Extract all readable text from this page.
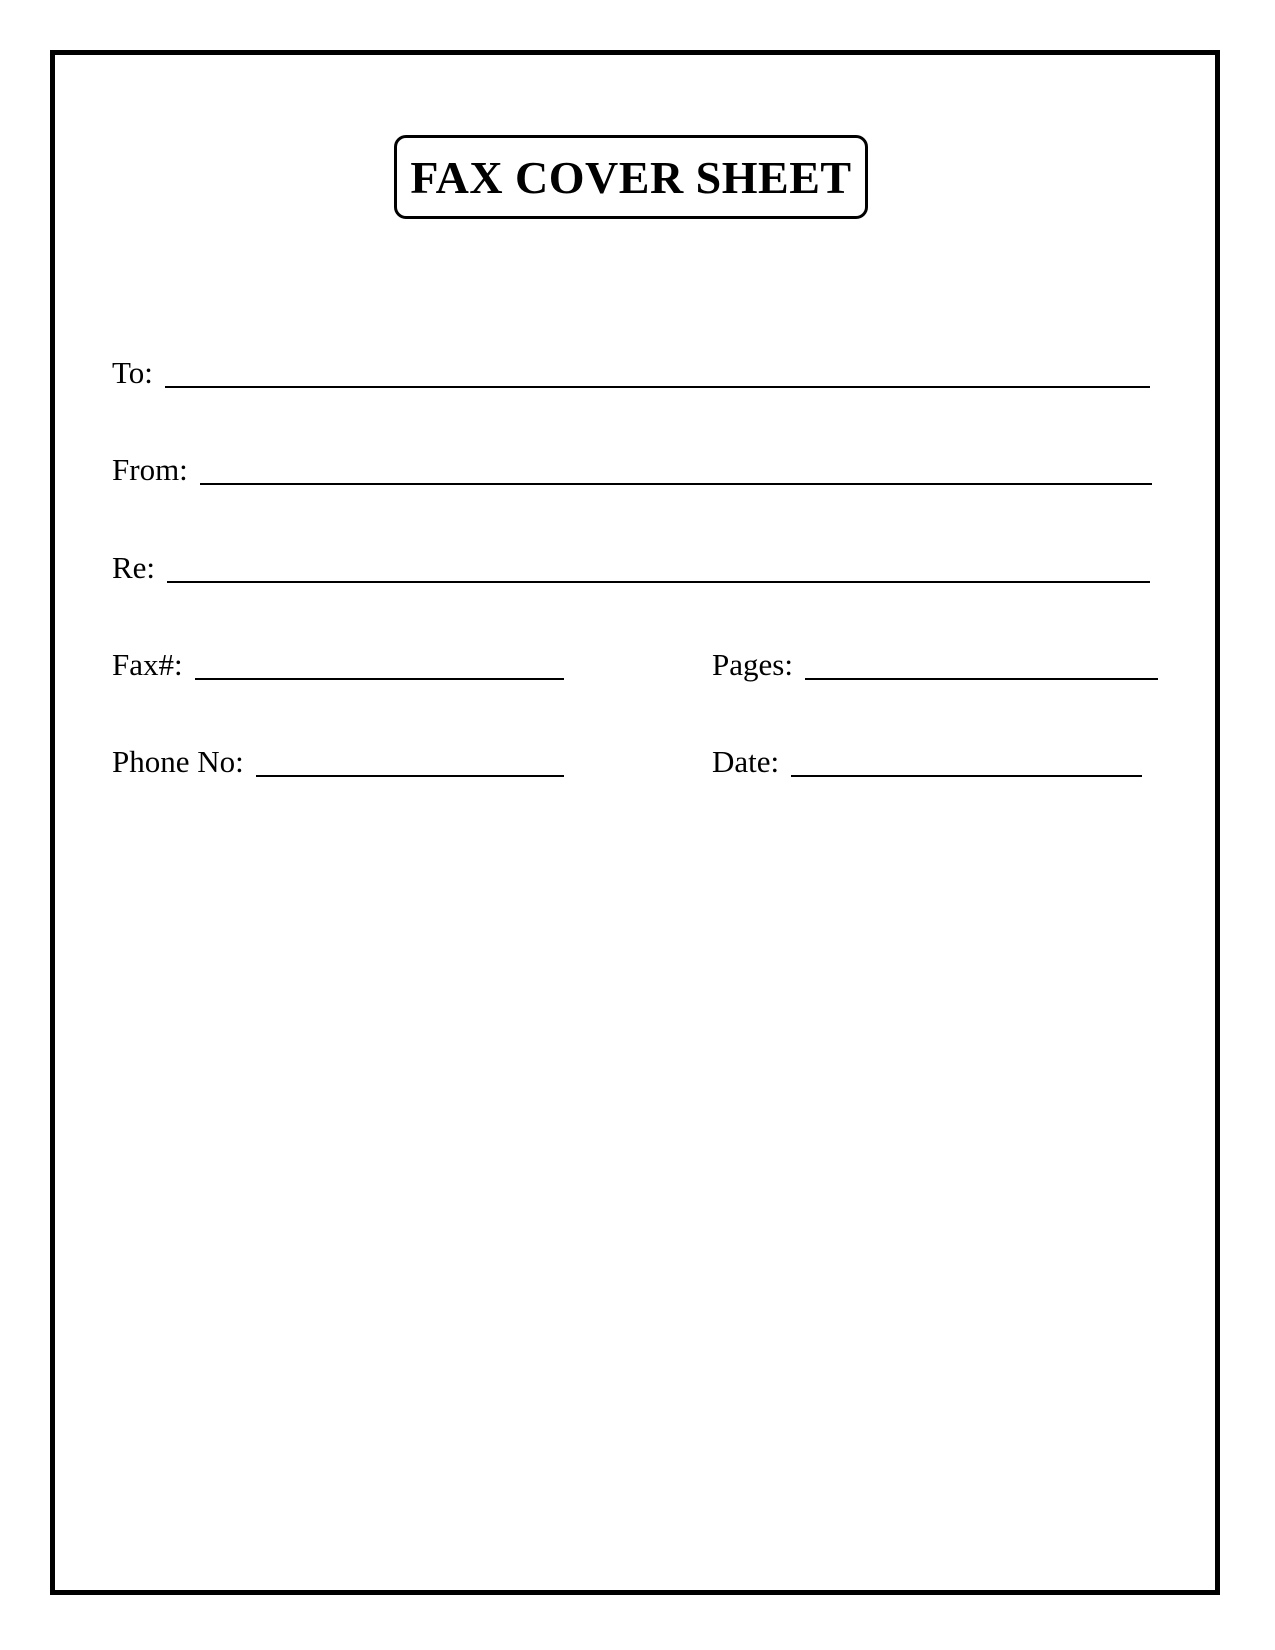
FAX COVER SHEET
To:
From:
Re:
Fax#:	Pages:
Phone No:	Date:
